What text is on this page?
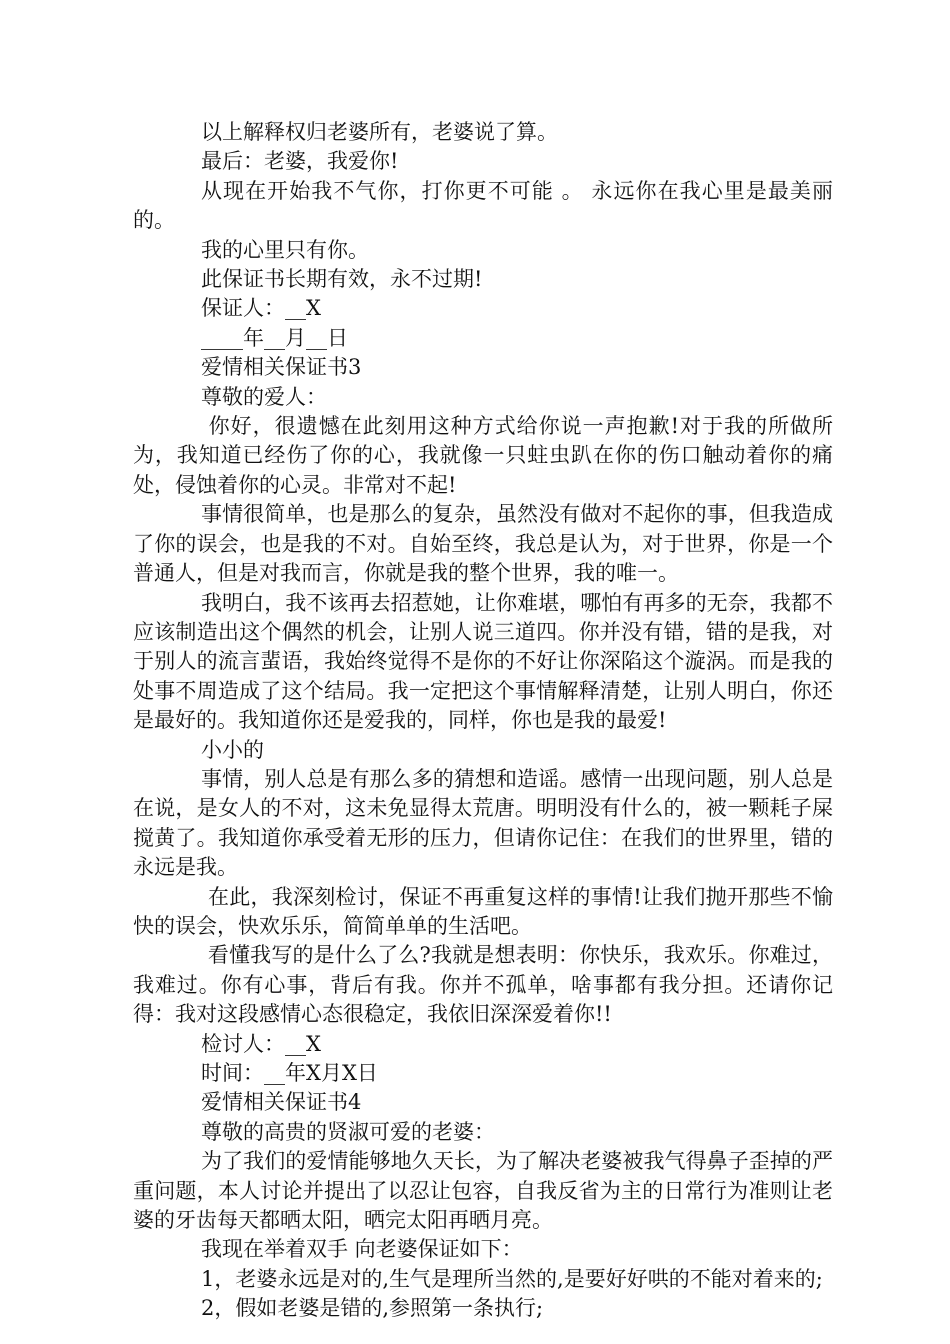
以上解释权归老婆所有，老婆说了算。

最后：老婆，我爱你!

从现在开始我不气你，打你更不可能 。 永远你在我心里是最美丽的。

我的心里只有你。

此保证书长期有效，永不过期!

保证人：__X

____年__月__日

爱情相关保证书3

尊敬的爱人：

你好，很遗憾在此刻用这种方式给你说一声抱歉!对于我的所做所为，我知道已经伤了你的心，我就像一只蛀虫趴在你的伤口触动着你的痛处，侵蚀着你的心灵。非常对不起!

事情很简单，也是那么的复杂，虽然没有做对不起你的事，但我造成了你的误会，也是我的不对。自始至终，我总是认为，对于世界，你是一个普通人，但是对我而言，你就是我的整个世界，我的唯一。

我明白，我不该再去招惹她，让你难堪，哪怕有再多的无奈，我都不应该制造出这个偶然的机会，让别人说三道四。你并没有错，错的是我，对于别人的流言蜚语，我始终觉得不是你的不好让你深陷这个漩涡。而是我的处事不周造成了这个结局。我一定把这个事情解释清楚，让别人明白，你还是最好的。我知道你还是爱我的，同样，你也是我的最爱!

小小的

事情，别人总是有那么多的猜想和造谣。感情一出现问题，别人总是在说，是女人的不对，这未免显得太荒唐。明明没有什么的，被一颗耗子屎搅黄了。我知道你承受着无形的压力，但请你记住：在我们的世界里，错的永远是我。

在此，我深刻检讨，保证不再重复这样的事情!让我们抛开那些不愉快的误会，快欢乐乐，简简单单的生活吧。

看懂我写的是什么了么?我就是想表明：你快乐，我欢乐。你难过，我难过。你有心事，背后有我。你并不孤单，啥事都有我分担。还请你记得：我对这段感情心态很稳定，我依旧深深爱着你!!

检讨人：__X

时间：__年X月X日

爱情相关保证书4

尊敬的高贵的贤淑可爱的老婆：

为了我们的爱情能够地久天长，为了解决老婆被我气得鼻子歪掉的严重问题，本人讨论并提出了以忍让包容，自我反省为主的日常行为准则让老婆的牙齿每天都晒太阳，晒完太阳再晒月亮。

我现在举着双手 向老婆保证如下：

1，老婆永远是对的,生气是理所当然的,是要好好哄的不能对着来的;

2，假如老婆是错的,参照第一条执行;
